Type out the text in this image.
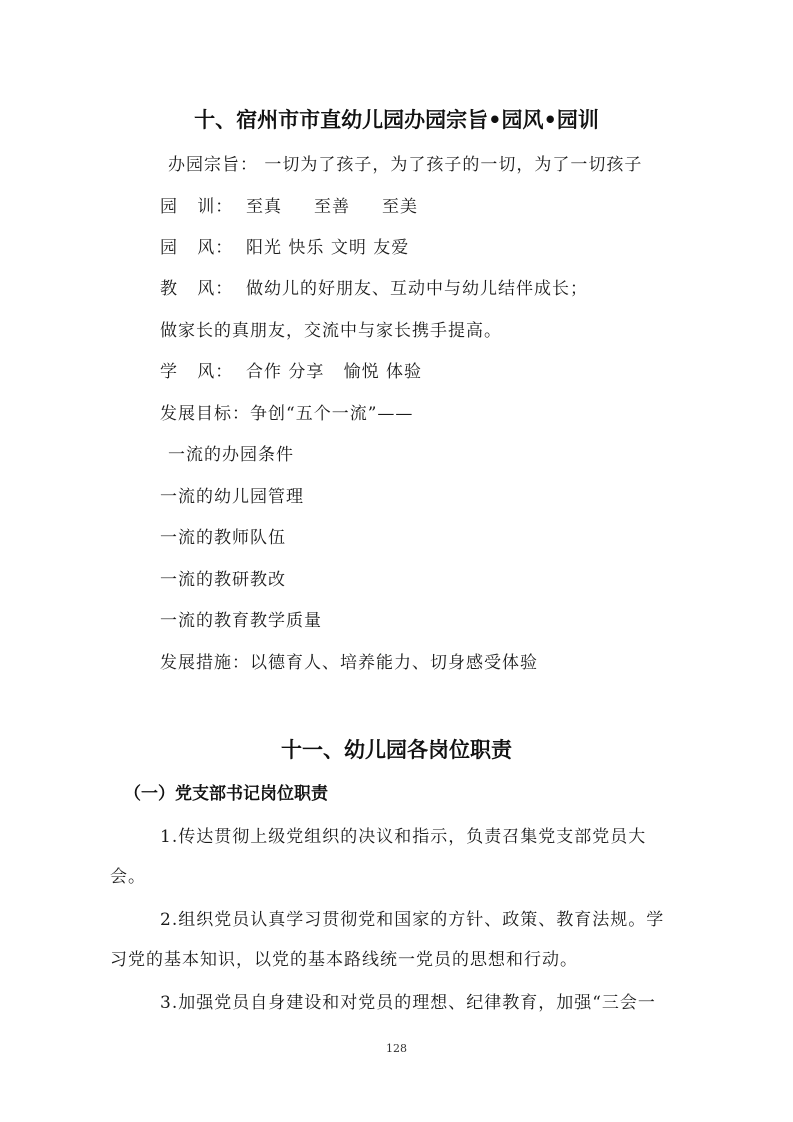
十、宿州市市直幼儿园办园宗旨•园风•园训
办园宗旨： 一切为了孩子，为了孩子的一切，为了一切孩子
园   训：  至真     至善     至美
园   风：  阳光 快乐 文明 友爱
教   风：  做幼儿的好朋友、互动中与幼儿结伴成长；
做家长的真朋友，交流中与家长携手提高。
学   风：  合作 分享   愉悦 体验
发展目标：争创“五个一流”——
一流的办园条件
一流的幼儿园管理
一流的教师队伍
一流的教研教改
一流的教育教学质量
发展措施：以德育人、培养能力、切身感受体验
十一、幼儿园各岗位职责
（一）党支部书记岗位职责
1.传达贯彻上级党组织的决议和指示，负责召集党支部党员大
会。
2.组织党员认真学习贯彻党和国家的方针、政策、教育法规。学
习党的基本知识，以党的基本路线统一党员的思想和行动。
3.加强党员自身建设和对党员的理想、纪律教育，加强“三会一
128
